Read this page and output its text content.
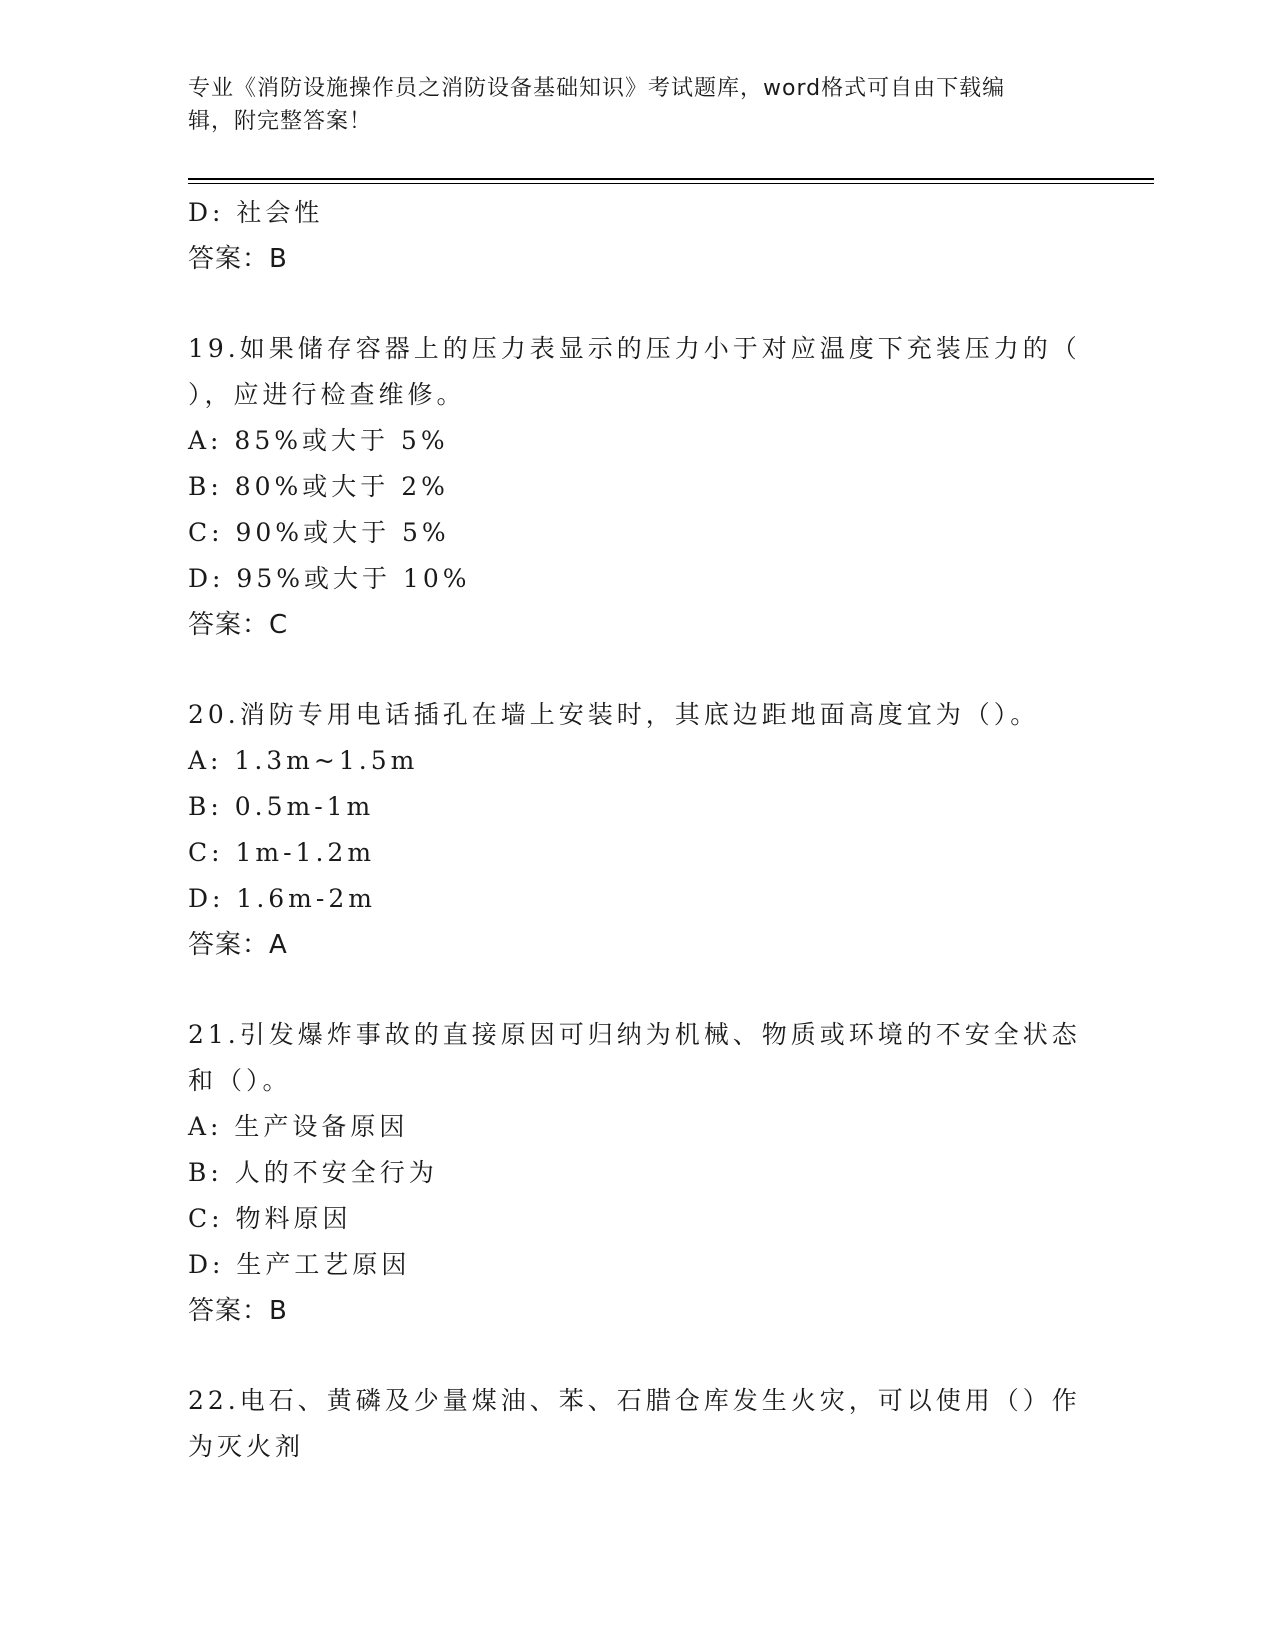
专业《消防设施操作员之消防设备基础知识》考试题库，word格式可自由下载编
辑，附完整答案！
D: 社会性
答案：B
19.如果储存容器上的压力表显示的压力小于对应温度下充装压力的（
），应进行检查维修。
A: 85%或大于 5%
B: 80%或大于 2%
C: 90%或大于 5%
D: 95%或大于 10%
答案：C
20.消防专用电话插孔在墙上安装时，其底边距地面高度宜为（）。
A: 1.3m~1.5m
B: 0.5m-1m
C: 1m-1.2m
D: 1.6m-2m
答案：A
21.引发爆炸事故的直接原因可归纳为机械、物质或环境的不安全状态
和（）。
A: 生产设备原因
B: 人的不安全行为
C: 物料原因
D: 生产工艺原因
答案：B
22.电石、黄磷及少量煤油、苯、石腊仓库发生火灾，可以使用（）作
为灭火剂
